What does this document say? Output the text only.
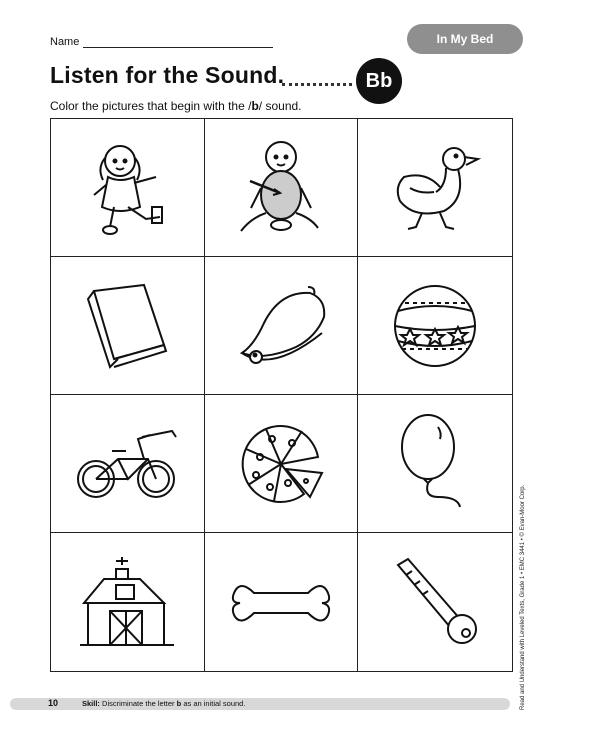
Name	In My Bed
Listen for the Sound.	Bb
Color the pictures that begin with the /b/ sound.
10	Skill: Discriminate the letter b as an initial sound.	Read and Understand with Leveled Texts, Grade 1 • EMC 3441 • © Evan-Moor Corp.
